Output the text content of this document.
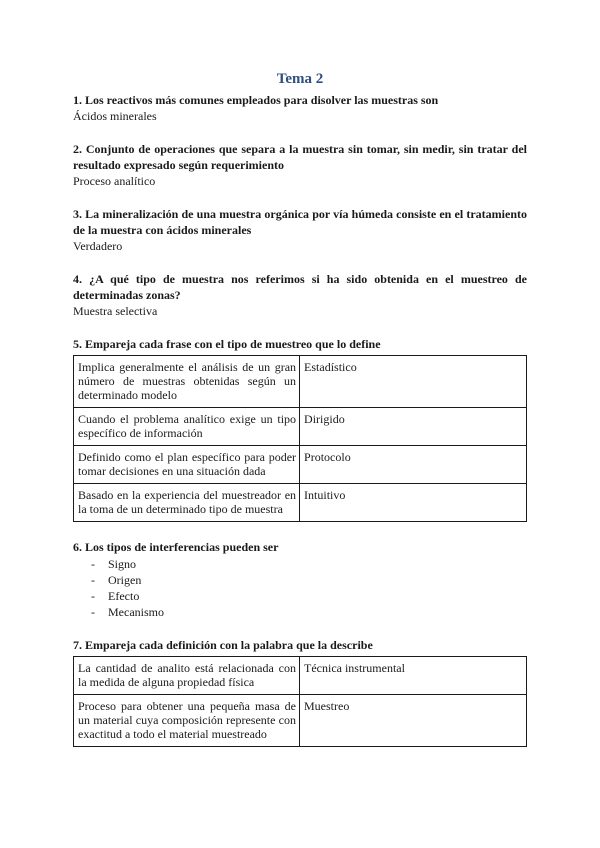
Tema 2

1. Los reactivos más comunes empleados para disolver las muestras son

Ácidos minerales

2. Conjunto de operaciones que separa a la muestra sin tomar, sin medir, sin tratar del resultado expresado según requerimiento

Proceso analítico

3. La mineralización de una muestra orgánica por vía húmeda consiste en el tratamiento de la muestra con ácidos minerales

Verdadero

4. ¿A qué tipo de muestra nos referimos si ha sido obtenida en el muestreo de determinadas zonas?

Muestra selectiva

5. Empareja cada frase con el tipo de muestreo que lo define

Implica generalmente el análisis de un gran número de muestras obtenidas según un determinado modelo	Estadístico
Cuando el problema analítico exige un tipo específico de información	Dirigido
Definido como el plan específico para poder tomar decisiones en una situación dada	Protocolo
Basado en la experiencia del muestreador en la toma de un determinado tipo de muestra	Intuitivo

6. Los tipos de interferencias pueden ser

- Signo
- Origen
- Efecto
- Mecanismo

7. Empareja cada definición con la palabra que la describe

La cantidad de analito está relacionada con la medida de alguna propiedad física	Técnica instrumental
Proceso para obtener una pequeña masa de un material cuya composición represente con exactitud a todo el material muestreado	Muestreo
